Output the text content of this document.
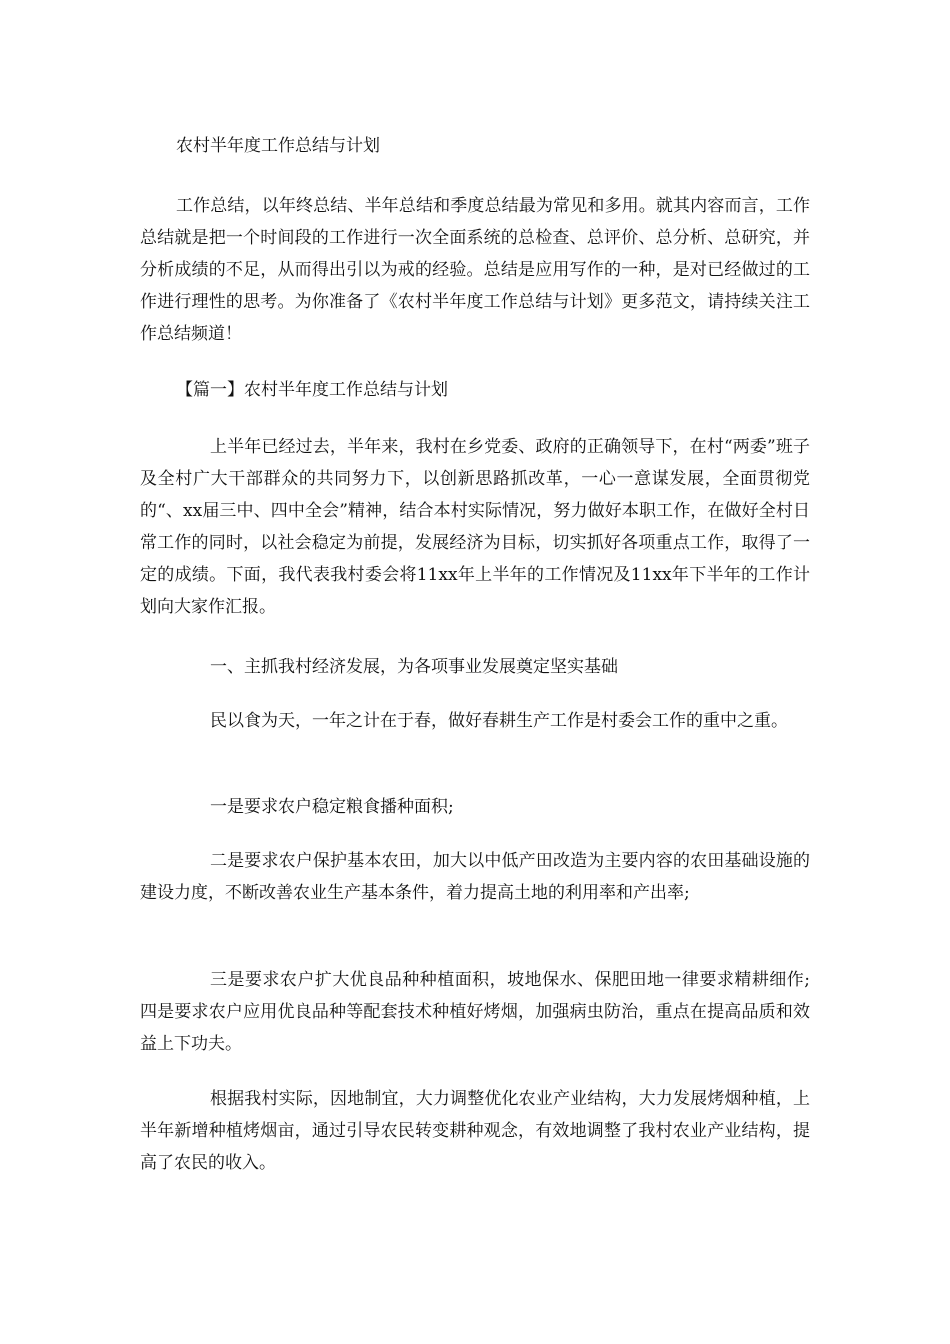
农村半年度工作总结与计划

工作总结，以年终总结、半年总结和季度总结最为常见和多用。就其内容而言，工作总结就是把一个时间段的工作进行一次全面系统的总检查、总评价、总分析、总研究，并分析成绩的不足，从而得出引以为戒的经验。总结是应用写作的一种，是对已经做过的工作进行理性的思考。为你准备了《农村半年度工作总结与计划》更多范文，请持续关注工作总结频道！

【篇一】农村半年度工作总结与计划

上半年已经过去，半年来，我村在乡党委、政府的正确领导下，在村“两委”班子及全村广大干部群众的共同努力下，以创新思路抓改革，一心一意谋发展，全面贯彻党的“、xx届三中、四中全会”精神，结合本村实际情况，努力做好本职工作，在做好全村日常工作的同时，以社会稳定为前提，发展经济为目标，切实抓好各项重点工作，取得了一定的成绩。下面，我代表我村委会将11xx年上半年的工作情况及11xx年下半年的工作计划向大家作汇报。

一、主抓我村经济发展，为各项事业发展奠定坚实基础

民以食为天，一年之计在于春，做好春耕生产工作是村委会工作的重中之重。

一是要求农户稳定粮食播种面积;

二是要求农户保护基本农田，加大以中低产田改造为主要内容的农田基础设施的建设力度，不断改善农业生产基本条件，着力提高土地的利用率和产出率;

三是要求农户扩大优良品种种植面积，坡地保水、保肥田地一律要求精耕细作;四是要求农户应用优良品种等配套技术种植好烤烟，加强病虫防治，重点在提高品质和效益上下功夫。

根据我村实际，因地制宜，大力调整优化农业产业结构，大力发展烤烟种植，上半年新增种植烤烟亩，通过引导农民转变耕种观念，有效地调整了我村农业产业结构，提高了农民的收入。
